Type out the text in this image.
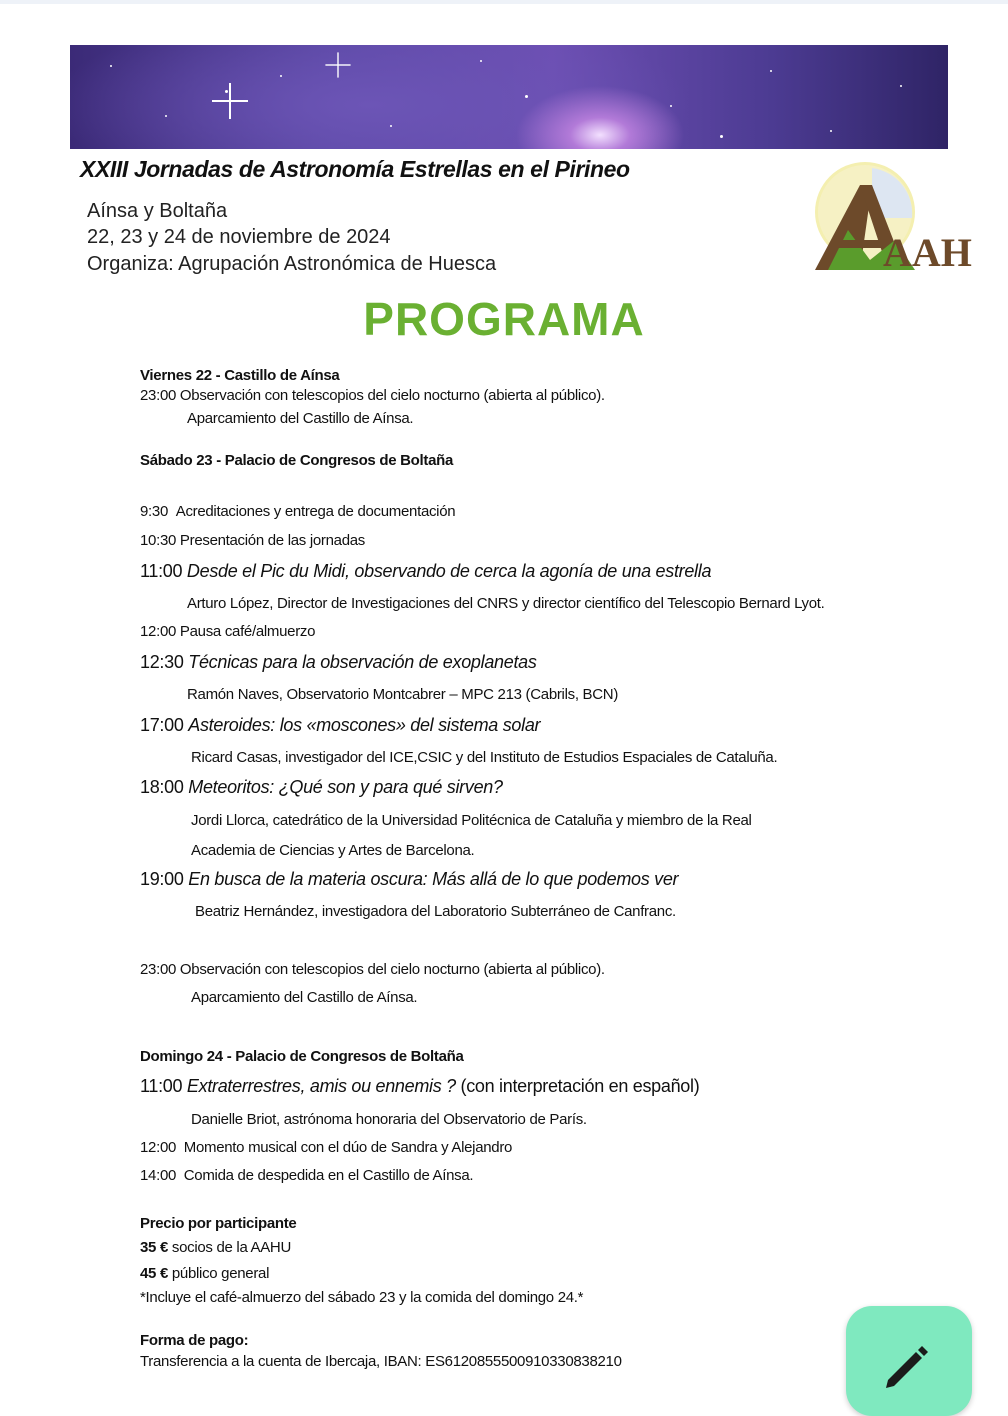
XXIII Jornadas de Astronomía Estrellas en el Pirineo
Aínsa y Boltaña
22, 23 y 24 de noviembre de 2024
Organiza: Agrupación Astronómica de Huesca	AAH
PROGRAMA
Viernes 22 - Castillo de Aínsa
23:00 Observación con telescopios del cielo nocturno (abierta al público).
Aparcamiento del Castillo de Aínsa.
Sábado 23 - Palacio de Congresos de Boltaña
9:30 Acreditaciones y entrega de documentación
10:30 Presentación de las jornadas
11:00 Desde el Pic du Midi, observando de cerca la agonía de una estrella
Arturo López, Director de Investigaciones del CNRS y director científico del Telescopio Bernard Lyot.
12:00 Pausa café/almuerzo
12:30 Técnicas para la observación de exoplanetas
Ramón Naves, Observatorio Montcabrer – MPC 213 (Cabrils, BCN)
17:00 Asteroides: los «moscones» del sistema solar
Ricard Casas, investigador del ICE,CSIC y del Instituto de Estudios Espaciales de Cataluña.
18:00 Meteoritos: ¿Qué son y para qué sirven?
Jordi Llorca, catedrático de la Universidad Politécnica de Cataluña y miembro de la Real
Academia de Ciencias y Artes de Barcelona.
19:00 En busca de la materia oscura: Más allá de lo que podemos ver
Beatriz Hernández, investigadora del Laboratorio Subterráneo de Canfranc.
23:00 Observación con telescopios del cielo nocturno (abierta al público).
Aparcamiento del Castillo de Aínsa.
Domingo 24 - Palacio de Congresos de Boltaña
11:00 Extraterrestres, amis ou ennemis ? (con interpretación en español)
Danielle Briot, astrónoma honoraria del Observatorio de París.
12:00  Momento musical con el dúo de Sandra y Alejandro
14:00  Comida de despedida en el Castillo de Aínsa.
Precio por participante
35 € socios de la AAHU
45 € público general
*Incluye el café-almuerzo del sábado 23 y la comida del domingo 24.*
Forma de pago:
Transferencia a la cuenta de Ibercaja, IBAN: ES6120855500910330838210
